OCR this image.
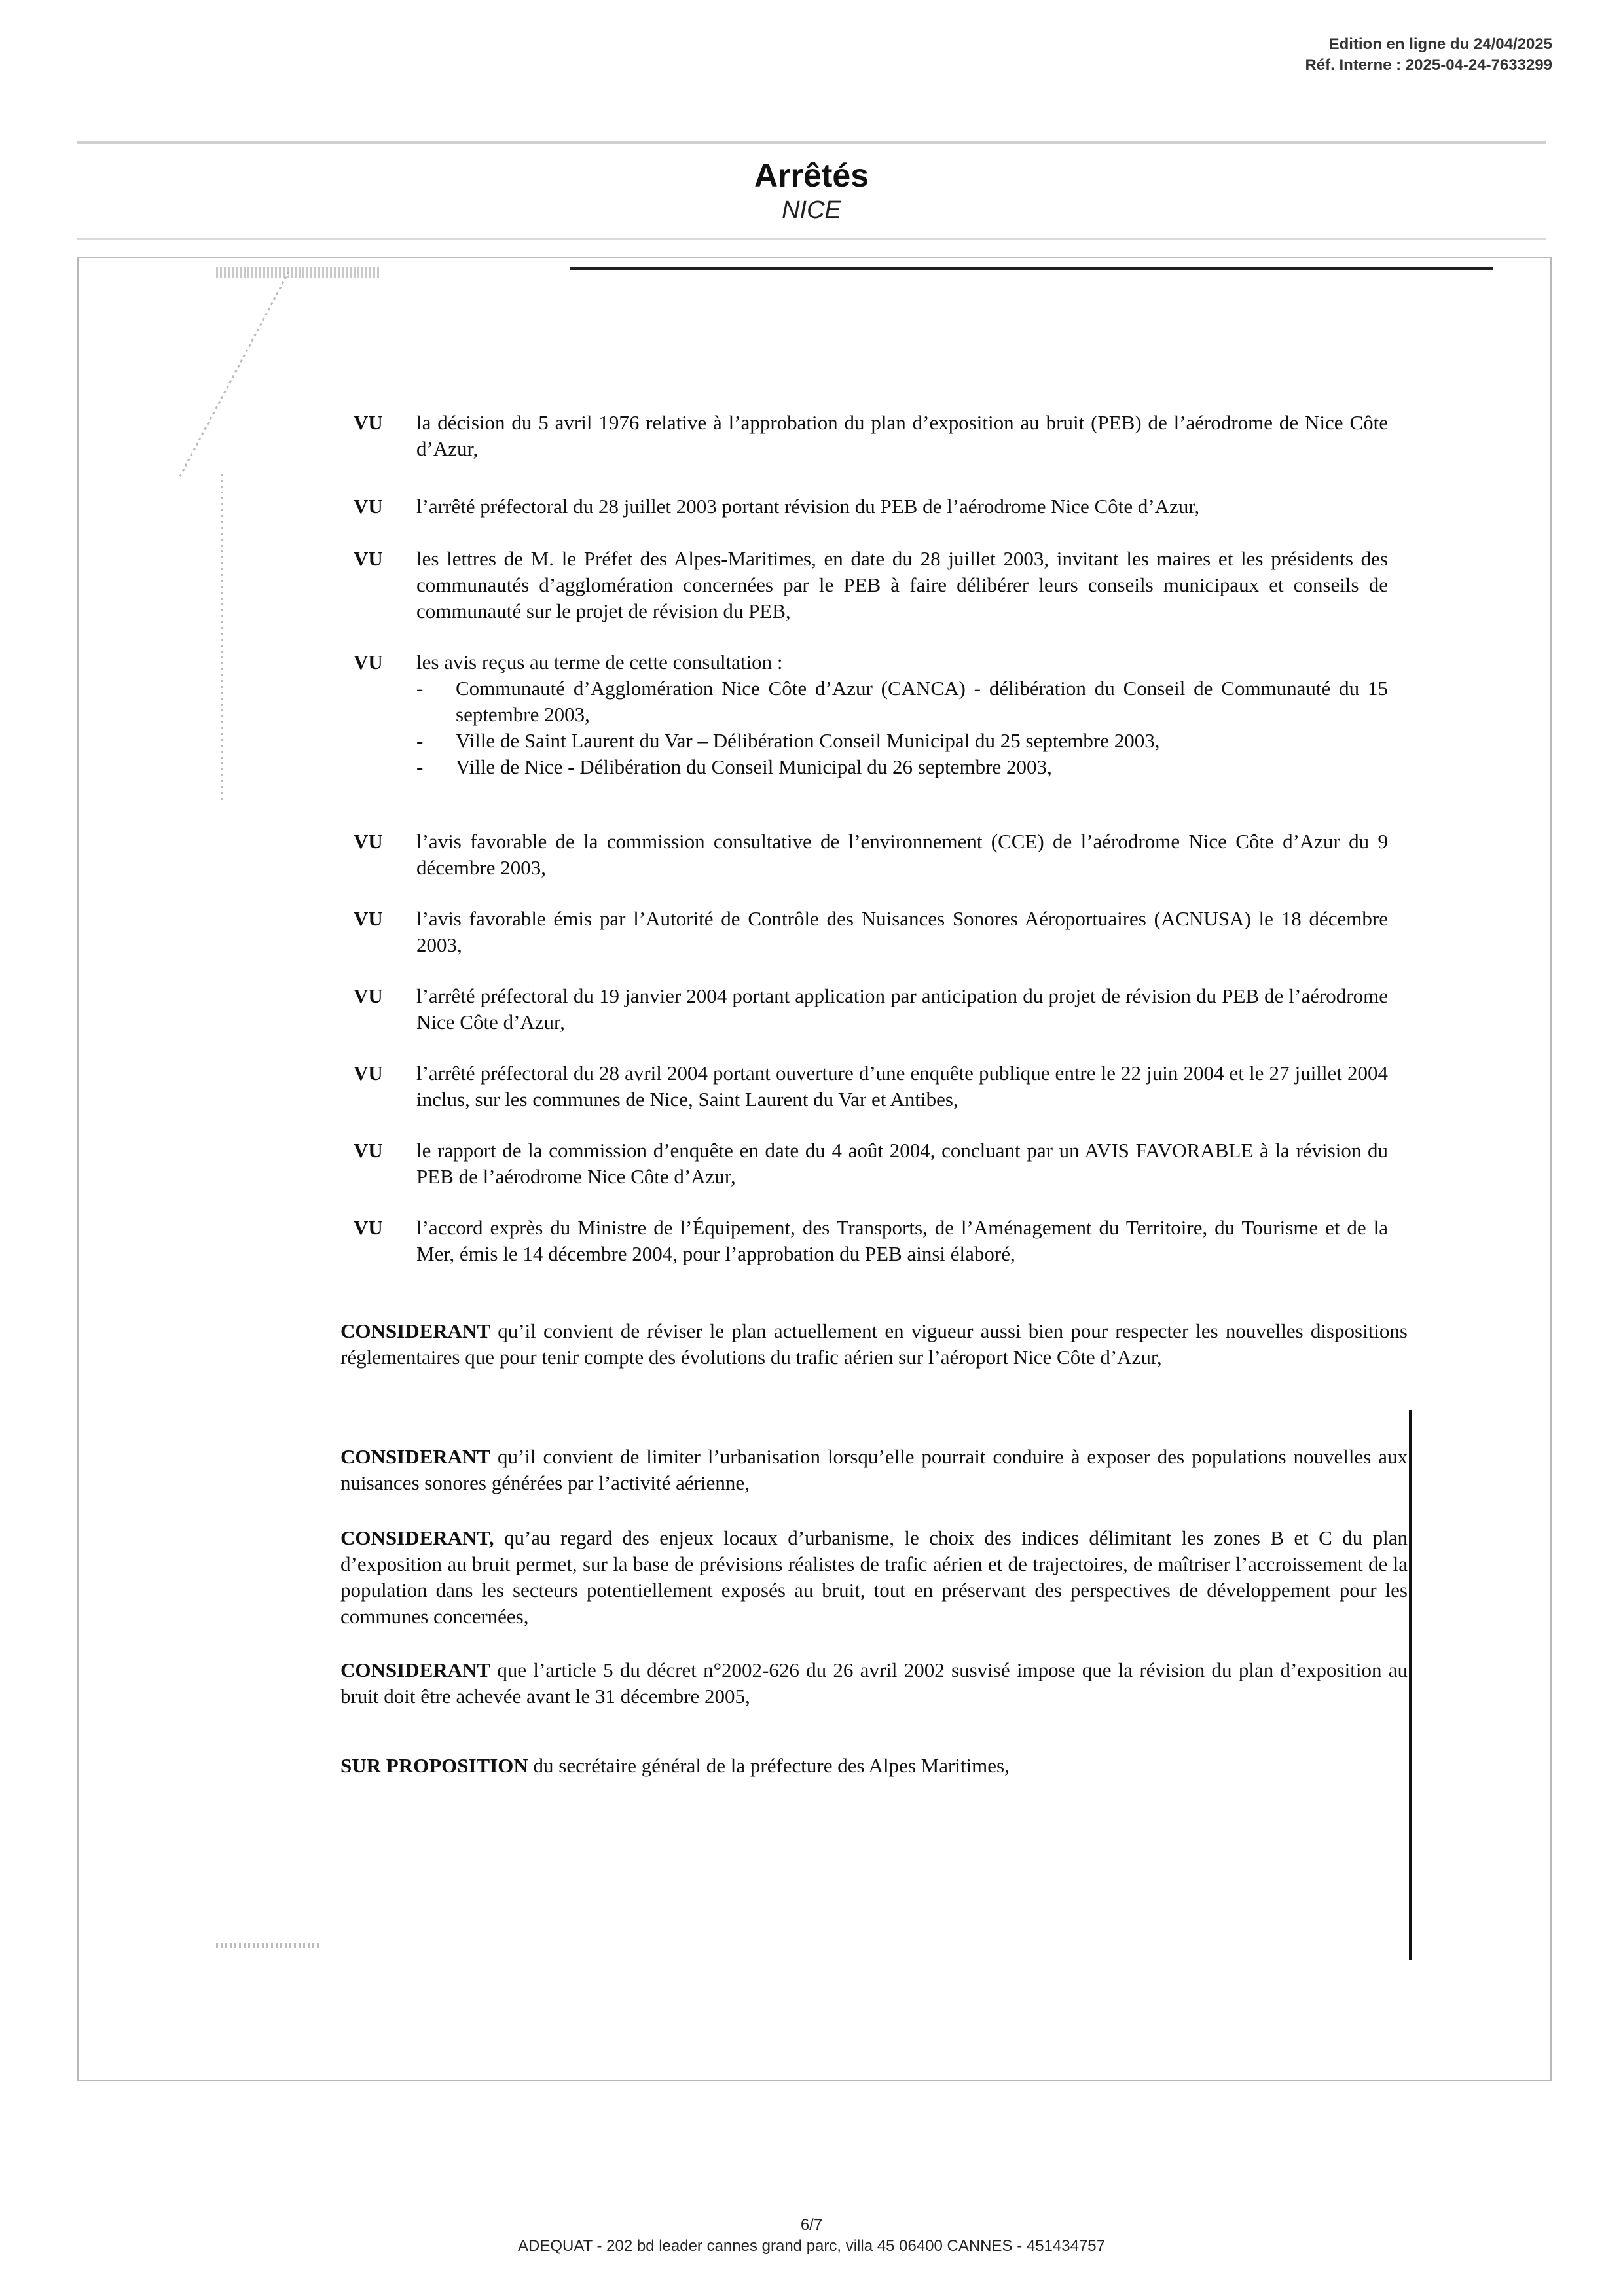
Edition en ligne du 24/04/2025
Réf. Interne : 2025-04-24-7633299
Arrêtés
NICE
VU la décision du 5 avril 1976 relative à l’approbation du plan d’exposition au bruit (PEB) de l’aérodrome de Nice Côte d’Azur,
VU l’arrêté préfectoral du 28 juillet 2003 portant révision du PEB de l’aérodrome Nice Côte d’Azur,
VU les lettres de M. le Préfet des Alpes-Maritimes, en date du 28 juillet 2003, invitant les maires et les présidents des communautés d’agglomération concernées par le PEB à faire délibérer leurs conseils municipaux et conseils de communauté sur le projet de révision du PEB,
VU les avis reçus au terme de cette consultation :
- Communauté d’Agglomération Nice Côte d’Azur (CANCA) - délibération du Conseil de Communauté du 15 septembre 2003,
- Ville de Saint Laurent du Var – Délibération Conseil Municipal du 25 septembre 2003,
- Ville de Nice - Délibération du Conseil Municipal du 26 septembre 2003,
VU l’avis favorable de la commission consultative de l’environnement (CCE) de l’aérodrome Nice Côte d’Azur du 9 décembre 2003,
VU l’avis favorable émis par l’Autorité de Contrôle des Nuisances Sonores Aéroportuaires (ACNUSA) le 18 décembre 2003,
VU l’arrêté préfectoral du 19 janvier 2004 portant application par anticipation du projet de révision du PEB de l’aérodrome Nice Côte d’Azur,
VU l’arrêté préfectoral du 28 avril 2004 portant ouverture d’une enquête publique entre le 22 juin 2004 et le 27 juillet 2004 inclus, sur les communes de Nice, Saint Laurent du Var et Antibes,
VU le rapport de la commission d’enquête en date du 4 août 2004, concluant par un AVIS FAVORABLE à la révision du PEB de l’aérodrome Nice Côte d’Azur,
VU l’accord exprès du Ministre de l’Équipement, des Transports, de l’Aménagement du Territoire, du Tourisme et de la Mer, émis le 14 décembre 2004, pour l’approbation du PEB ainsi élaboré,
CONSIDERANT qu’il convient de réviser le plan actuellement en vigueur aussi bien pour respecter les nouvelles dispositions réglementaires que pour tenir compte des évolutions du trafic aérien sur l’aéroport Nice Côte d’Azur,
CONSIDERANT qu’il convient de limiter l’urbanisation lorsqu’elle pourrait conduire à exposer des populations nouvelles aux nuisances sonores générées par l’activité aérienne,
CONSIDERANT, qu’au regard des enjeux locaux d’urbanisme, le choix des indices délimitant les zones B et C du plan d’exposition au bruit permet, sur la base de prévisions réalistes de trafic aérien et de trajectoires, de maîtriser l’accroissement de la population dans les secteurs potentiellement exposés au bruit, tout en préservant des perspectives de développement pour les communes concernées,
CONSIDERANT que l’article 5 du décret n°2002-626 du 26 avril 2002 susvisé impose que la révision du plan d’exposition au bruit doit être achevée avant le 31 décembre 2005,
SUR PROPOSITION du secrétaire général de la préfecture des Alpes Maritimes,
6/7
ADEQUAT - 202 bd leader cannes grand parc, villa 45 06400 CANNES - 451434757
